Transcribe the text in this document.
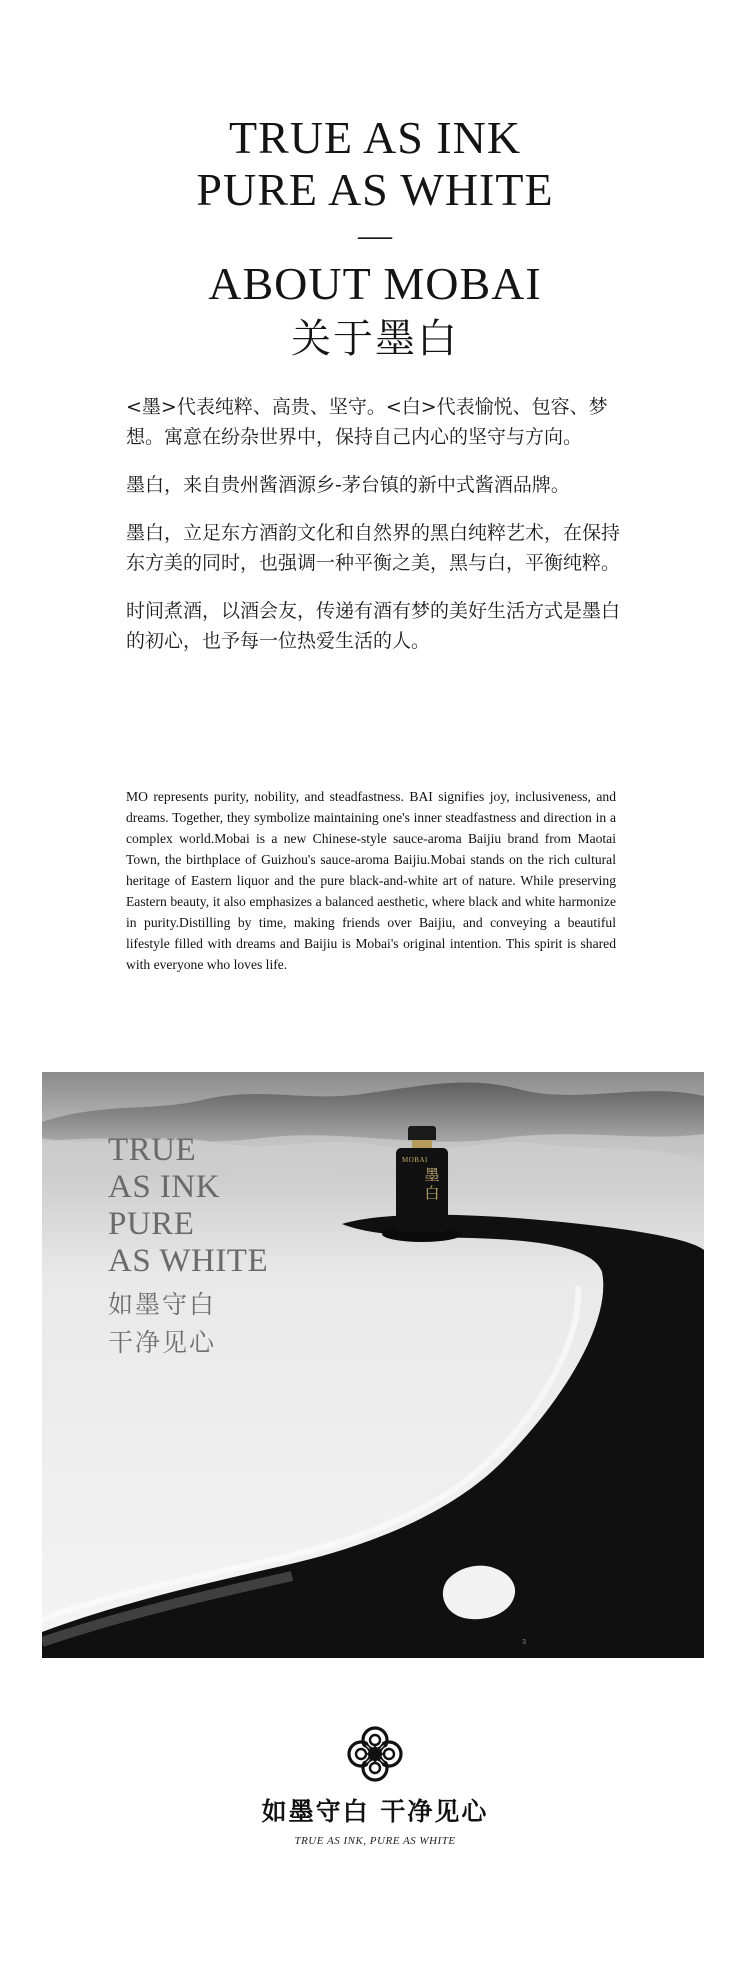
TRUE AS INK
PURE AS WHITE
—
ABOUT MOBAI
关于墨白

<墨>代表纯粹、高贵、坚守。<白>代表愉悦、包容、梦想。寓意在纷杂世界中，保持自己内心的坚守与方向。

墨白，来自贵州酱酒源乡-茅台镇的新中式酱酒品牌。

墨白，立足东方酒韵文化和自然界的黑白纯粹艺术，在保持东方美的同时，也强调一种平衡之美，黑与白，平衡纯粹。

时间煮酒，以酒会友，传递有酒有梦的美好生活方式是墨白的初心，也予每一位热爱生活的人。

MO represents purity, nobility, and steadfastness. BAI signifies joy, inclusiveness, and dreams. Together, they symbolize maintaining one's inner steadfastness and direction in a complex world.Mobai is a new Chinese-style sauce-aroma Baijiu brand from Maotai Town, the birthplace of Guizhou's sauce-aroma Baijiu.Mobai stands on the rich cultural heritage of Eastern liquor and the pure black-and-white art of nature. While preserving Eastern beauty, it also emphasizes a balanced aesthetic, where black and white harmonize in purity.Distilling by time, making friends over Baijiu, and conveying a beautiful lifestyle filled with dreams and Baijiu is Mobai's original intention. This spirit is shared with everyone who loves life.

TRUE
AS INK
PURE
AS WHITE
如墨守白
干净见心
MOBAI
墨白
3
如墨守白 干净见心
TRUE AS INK, PURE AS WHITE
